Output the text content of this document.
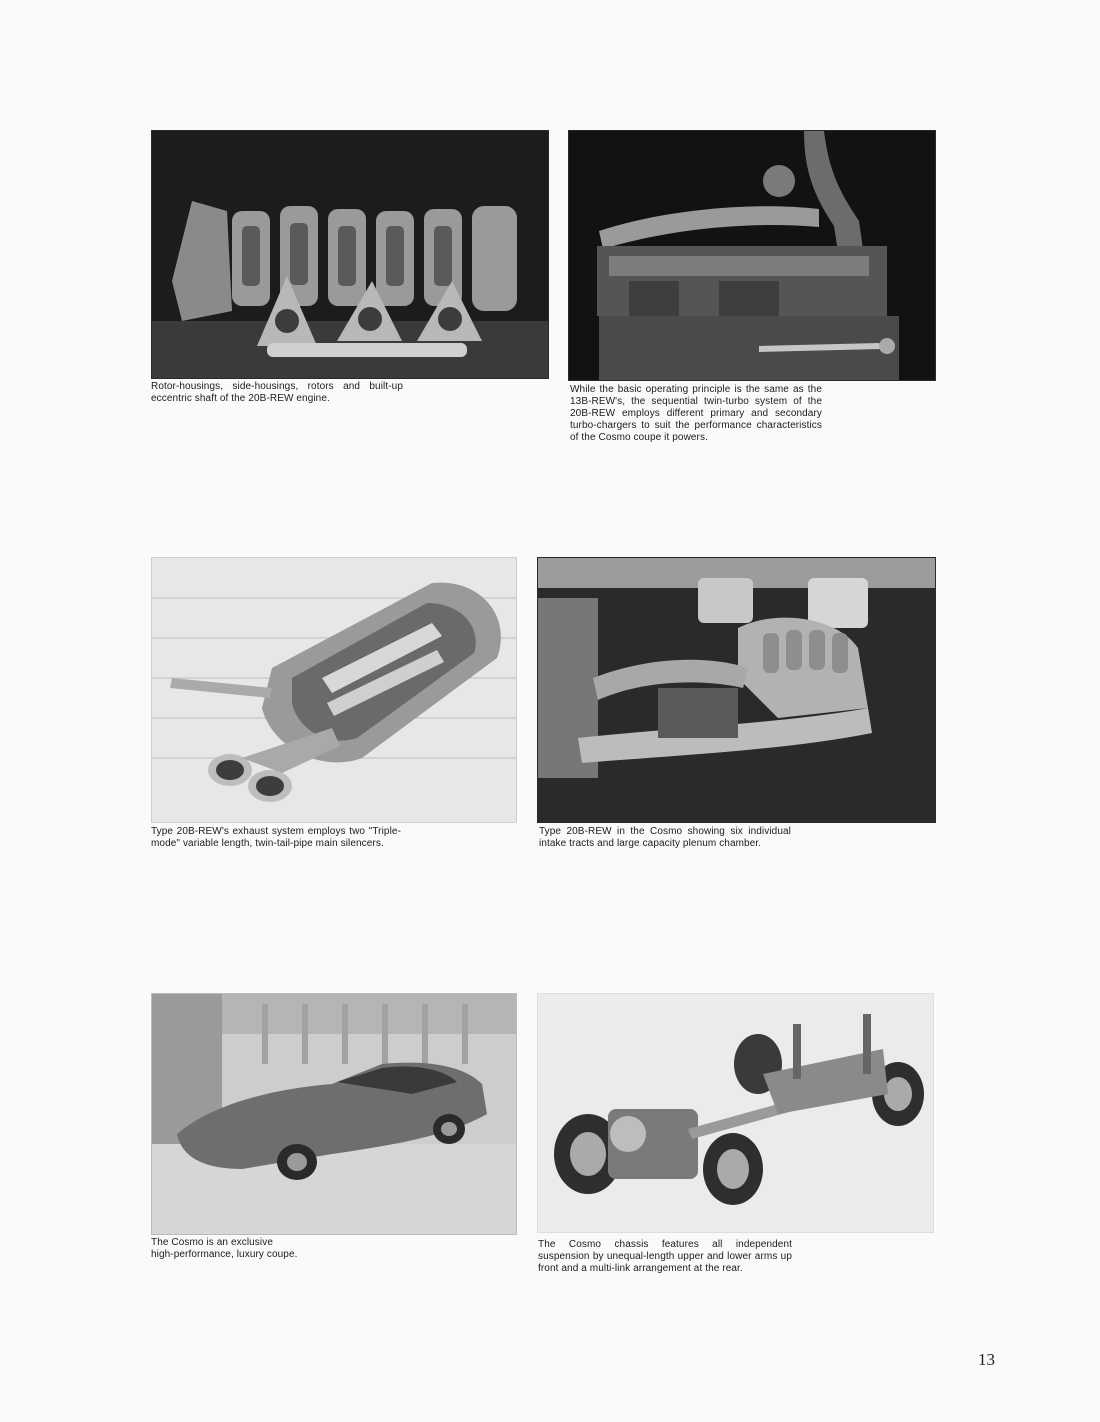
Rotor-housings, side-housings, rotors and built-up eccentric shaft of the 20B-REW engine.

While the basic operating principle is the same as the 13B-REW's, the sequential twin-turbo system of the 20B-REW employs different primary and secondary turbo-chargers to suit the performance characteristics of the Cosmo coupe it powers.

Type 20B-REW's exhaust system employs two "Triple-mode" variable length, twin-tail-pipe main silencers.

Type 20B-REW in the Cosmo showing six individual intake tracts and large capacity plenum chamber.

The Cosmo is an exclusive
high-performance, luxury coupe.

The Cosmo chassis features all independent suspension by unequal-length upper and lower arms up front and a multi-link arrangement at the rear.

13
